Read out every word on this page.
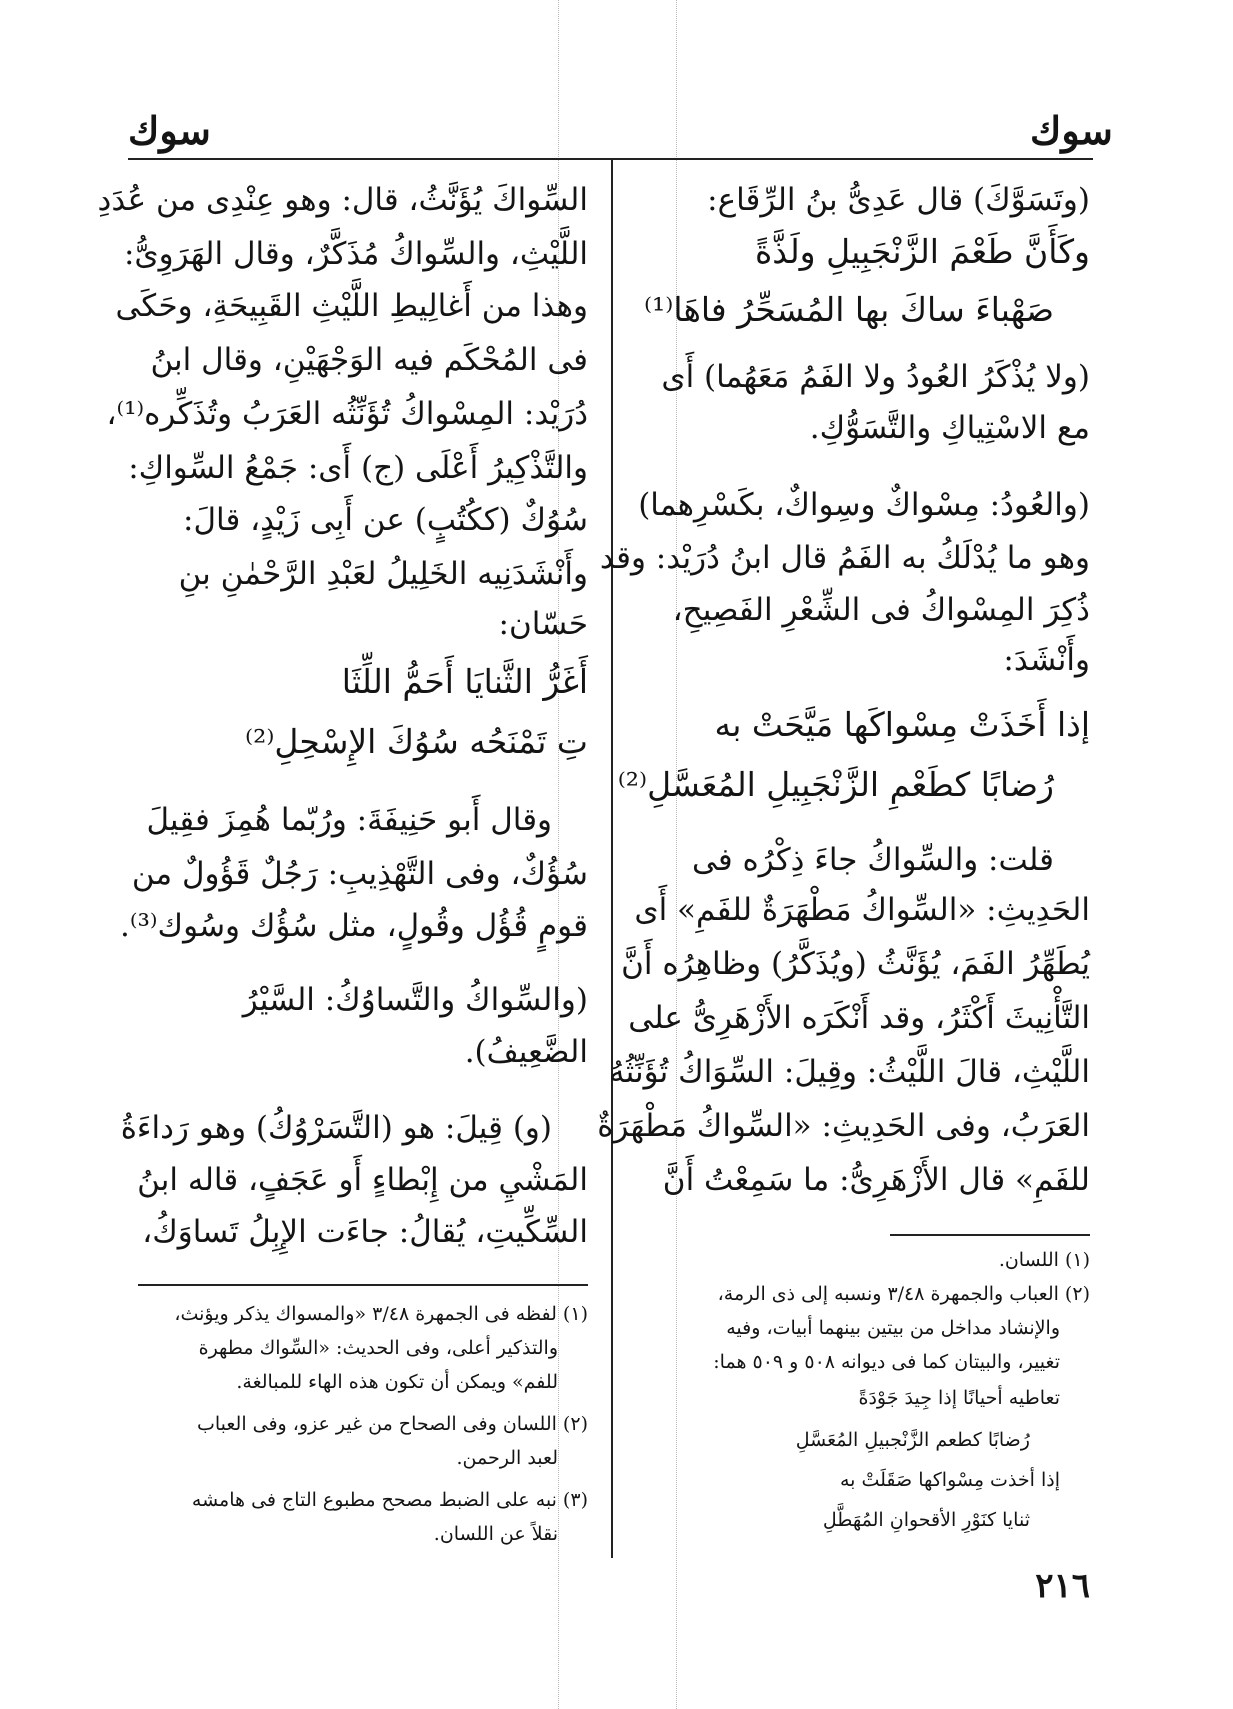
سوك
سوك
(وتَسَوَّكَ) قال عَدِىُّ بنُ الرِّقَاع:
وكَأَنَّ طَعْمَ الزَّنْجَبِيلِ ولَذَّةً
صَهْباءَ ساكَ بها المُسَحِّرُ فاهَا⁽¹⁾
(ولا يُذْكَرُ العُودُ ولا الفَمُ مَعَهُما) أَى
مع الاسْتِياكِ والتَّسَوُّكِ.
(والعُودُ: مِسْواكٌ وسِواكٌ، بكَسْرِهما)
وهو ما يُدْلَكُ به الفَمُ قال ابنُ دُرَيْد: وقد
ذُكِرَ المِسْواكُ فى الشِّعْرِ الفَصِيحِ،
وأَنْشَدَ:
إذا أَخَذَتْ مِسْواكَها مَيَّحَتْ به
رُضابًا كطَعْمِ الزَّنْجَبِيلِ المُعَسَّلِ⁽²⁾
قلت: والسِّواكُ جاءَ ذِكْرُه فى
الحَدِيثِ: «السِّواكُ مَطْهَرَةٌ للفَمِ» أَى
يُطَهِّرُ الفَمَ، يُؤَنَّثُ (ويُذَكَّرُ) وظاهِرُه أَنَّ
التَّأْنِيثَ أَكْثَرُ، وقد أَنْكَرَه الأَزْهَرِىُّ على
اللَّيْثِ، قالَ اللَّيْثُ: وقِيلَ: السِّوَاكُ تُؤَنِّثُهُ
العَرَبُ، وفى الحَدِيثِ: «السِّواكُ مَطْهَرَةٌ
للفَمِ» قال الأَزْهَرِىُّ: ما سَمِعْتُ أَنَّ
(١) اللسان.
(٢) العباب والجمهرة ٣/٤٨ ونسبه إلى ذى الرمة،
والإنشاد مداخل من بيتين بينهما أبيات، وفيه
تغيير، والبيتان كما فى ديوانه ٥٠٨ و ٥٠٩ هما:
تعاطيه أحيانًا إذا جِيدَ جَوْدَةً
رُضابًا كطعم الزَّنْجبيلِ المُعَسَّلِ
إذا أخذت مِسْواكها صَقَلَتْ به
ثنايا كنَوْرِ الأقحوانِ المُهَطَّلِ
السِّواكَ يُؤَنَّثُ، قال: وهو عِنْدِى من عُدَدِ
اللَّيْثِ، والسِّواكُ مُذَكَّرٌ، وقال الهَرَوِىُّ:
وهذا من أَغالِيطِ اللَّيْثِ القَبِيحَةِ، وحَكَى
فى المُحْكَم فيه الوَجْهَيْنِ، وقال ابنُ
دُرَيْد: المِسْواكُ تُؤَنِّثُه العَرَبُ وتُذَكِّره⁽¹⁾،
والتَّذْكِيرُ أَعْلَى (ج) أَى: جَمْعُ السِّواكِ:
سُوُكٌ (ككُتُبٍ) عن أَبِى زَيْدٍ، قالَ:
وأَنْشَدَنِيه الخَلِيلُ لعَبْدِ الرَّحْمٰنِ بنِ
حَسّان:
أَغَرُّ الثَّنايَا أَحَمُّ اللِّثَا
تِ تَمْنَحُه سُوُكَ الإِسْحِلِ⁽²⁾
وقال أَبو حَنِيفَةَ: ورُبّما هُمِزَ فقِيلَ
سُؤُكٌ، وفى التَّهْذِيبِ: رَجُلٌ قَؤُولٌ من
قومٍ قُؤُل وقُولٍ، مثل سُؤُك وسُوك⁽³⁾.
(والسِّواكُ والتَّساوُكُ: السَّيْرُ
الضَّعِيفُ).
(و) قِيلَ: هو (التَّسَرْوُكُ) وهو رَداءَةُ
المَشْيِ من إِبْطاءٍ أَو عَجَفٍ، قاله ابنُ
السِّكِّيتِ، يُقالُ: جاءَت الإِبِلُ تَساوَكُ،
(١) لفظه فى الجمهرة ٣/٤٨ «والمسواك يذكر ويؤنث،
والتذكير أعلى، وفى الحديث: «السِّواك مطهرة
للفم» ويمكن أن تكون هذه الهاء للمبالغة.
(٢) اللسان وفى الصحاح من غير عزو، وفى العباب
لعبد الرحمن.
(٣) نبه على الضبط مصحح مطبوع التاج فى هامشه
نقلاً عن اللسان.
٢١٦
